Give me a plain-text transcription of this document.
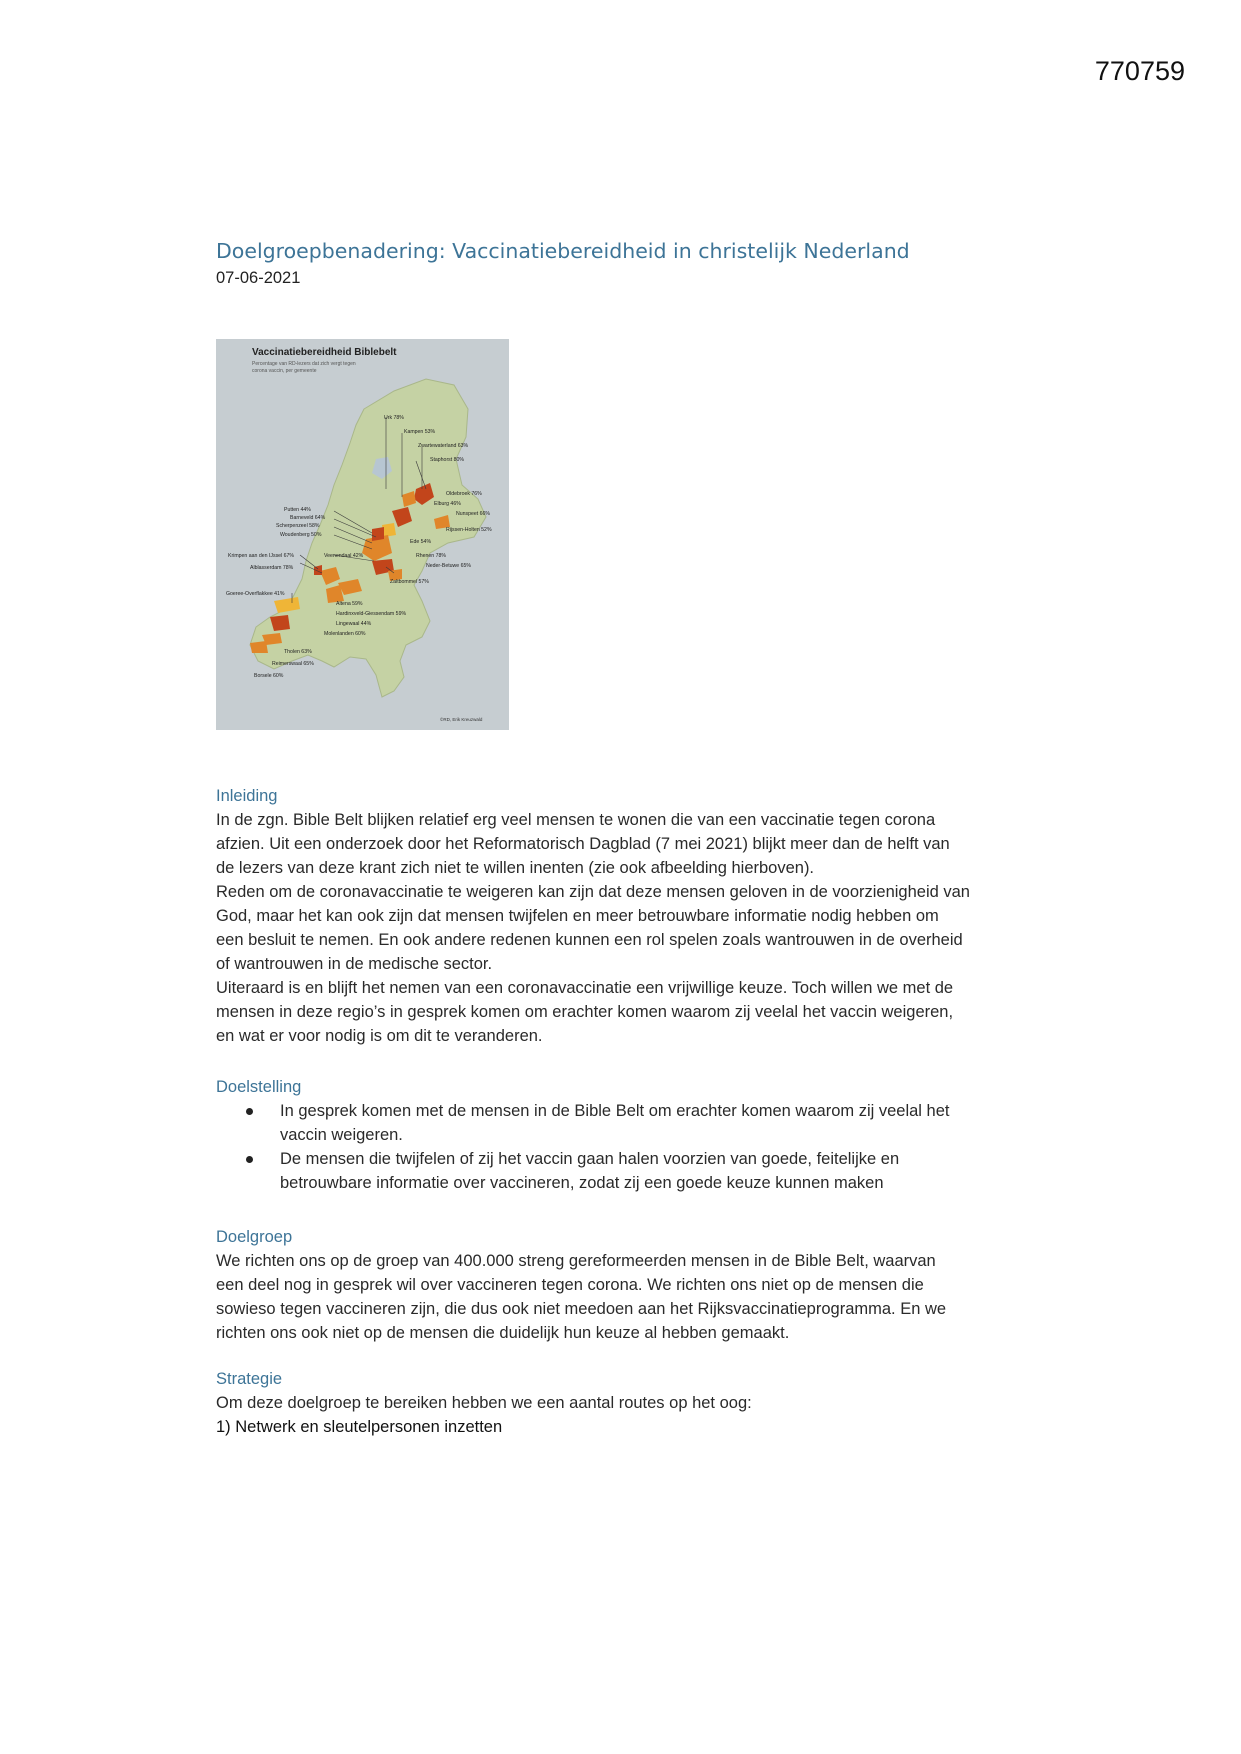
770759
Doelgroepbenadering: Vaccinatiebereidheid in christelijk Nederland

07-06-2021

Vaccinatiebereidheid Biblebelt
Percentage van RD-lezers dat zich vergt tegen
corona vaccin, per gemeente
Urk 78%
Kampen 53%
Zwartewaterland 63%
Staphorst 80%
Oldebroek 76%
Elburg 46%
Nunspeet 66%
Putten 44%
Barneveld 64%
Scherpenzeel 58%
Woudenberg 50%
Ede 54%
Rijssen-Holten 52%
Krimpen aan den IJssel 67%	Veenendaal 42%	Rhenen 78%
Neder-Betuwe 65%
Alblasserdam 78%
Zaltbommel 57%
Goeree-Overflakkee 41%
Altena 59%
Hardinxveld-Giessendam 59%
Lingewaal 44%
Molenlanden 60%
Tholen 63%
Reimerswaal 65%
Borsele 60%
©RD, Erik Kreuzwald
Inleiding

In de zgn. Bible Belt blijken relatief erg veel mensen te wonen die van een vaccinatie tegen corona

afzien. Uit een onderzoek door het Reformatorisch Dagblad (7 mei 2021) blijkt meer dan de helft van

de lezers van deze krant zich niet te willen inenten (zie ook afbeelding hierboven).

Reden om de coronavaccinatie te weigeren kan zijn dat deze mensen geloven in de voorzienigheid van

God, maar het kan ook zijn dat mensen twijfelen en meer betrouwbare informatie nodig hebben om

een besluit te nemen. En ook andere redenen kunnen een rol spelen zoals wantrouwen in de overheid

of wantrouwen in de medische sector.

Uiteraard is en blijft het nemen van een coronavaccinatie een vrijwillige keuze. Toch willen we met de

mensen in deze regio’s in gesprek komen om erachter komen waarom zij veelal het vaccin weigeren,

en wat er voor nodig is om dit te veranderen.

Doelstelling
In gesprek komen met de mensen in de Bible Belt om erachter komen waarom zij veelal het
vaccin weigeren.
De mensen die twijfelen of zij het vaccin gaan halen voorzien van goede, feitelijke en
betrouwbare informatie over vaccineren, zodat zij een goede keuze kunnen maken
Doelgroep

We richten ons op de groep van 400.000 streng gereformeerden mensen in de Bible Belt, waarvan

een deel nog in gesprek wil over vaccineren tegen corona. We richten ons niet op de mensen die

sowieso tegen vaccineren zijn, die dus ook niet meedoen aan het Rijksvaccinatieprogramma. En we

richten ons ook niet op de mensen die duidelijk hun keuze al hebben gemaakt.

Strategie

Om deze doelgroep te bereiken hebben we een aantal routes op het oog:

1) Netwerk en sleutelpersonen inzetten
